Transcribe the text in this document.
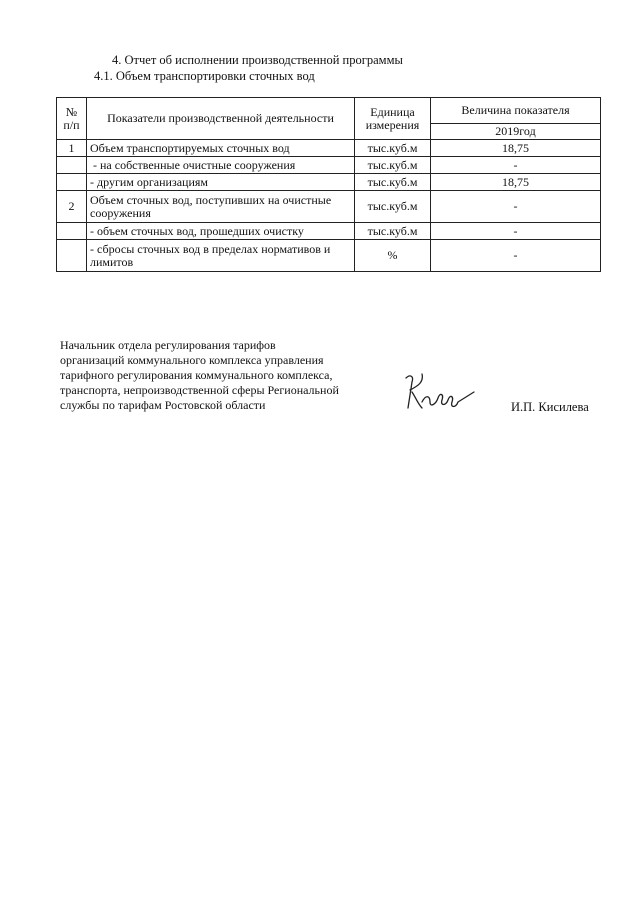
4. Отчет об исполнении производственной программы
4.1. Объем транспортировки сточных вод
№ п/п	Показатели производственной деятельности	Единица измерения	Величина показателя
			2019год
1	Объем транспортируемых сточных вод	тыс.куб.м	18,75
	- на собственные очистные сооружения	тыс.куб.м	-
	- другим организациям	тыс.куб.м	18,75
2	Объем сточных вод, поступивших на очистные сооружения	тыс.куб.м	-
	- объем сточных вод, прошедших очистку	тыс.куб.м	-
	- сбросы сточных вод в пределах нормативов и лимитов	%	-
Начальник отдела регулирования тарифов
организаций коммунального комплекса управления
тарифного регулирования коммунального комплекса,
транспорта, непроизводственной сферы Региональной
службы по тарифам Ростовской области	И.П. Кисилева
